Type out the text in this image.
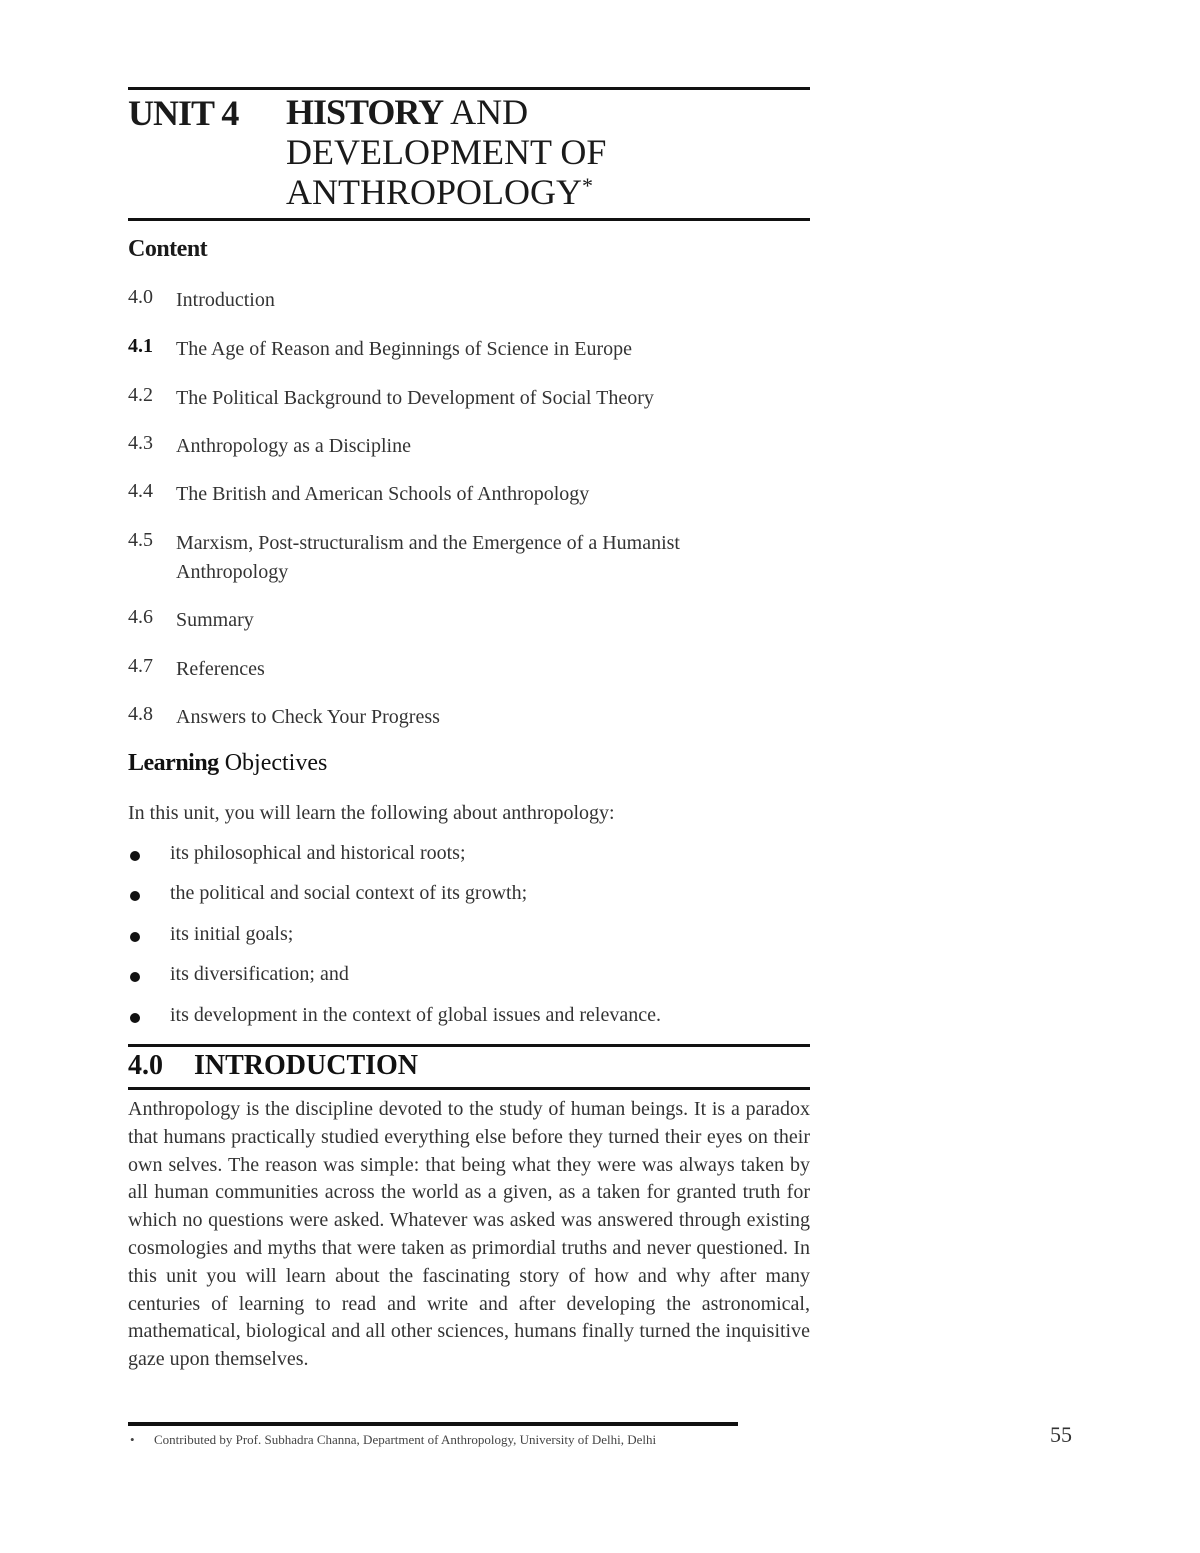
UNIT 4 HISTORY AND
DEVELOPMENT OF
ANTHROPOLOGY*
Content
4.0	Introduction
4.1	The Age of Reason and Beginnings of Science in Europe
4.2	The Political Background to Development of Social Theory
4.3	Anthropology as a Discipline
4.4	The British and American Schools of Anthropology
4.5	Marxism, Post-structuralism and the Emergence of a Humanist Anthropology
4.6	Summary
4.7	References
4.8	Answers to Check Your Progress
Learning Objectives
In this unit, you will learn the following about anthropology:
its philosophical and historical roots;
the political and social context of its growth;
its initial goals;
its diversification; and
its development in the context of global issues and relevance.
4.0 INTRODUCTION
Anthropology is the discipline devoted to the study of human beings. It is a paradox that humans practically studied everything else before they turned their eyes on their own selves. The reason was simple: that being what they were was always taken by all human communities across the world as a given, as a taken for granted truth for which no questions were asked. Whatever was asked was answered through existing cosmologies and myths that were taken as primordial truths and never questioned. In this unit you will learn about the fascinating story of how and why after many centuries of learning to read and write and after developing the astronomical, mathematical, biological and all other sciences, humans finally turned the inquisitive gaze upon themselves.
• Contributed by Prof. Subhadra Channa, Department of Anthropology, University of Delhi, Delhi	55
